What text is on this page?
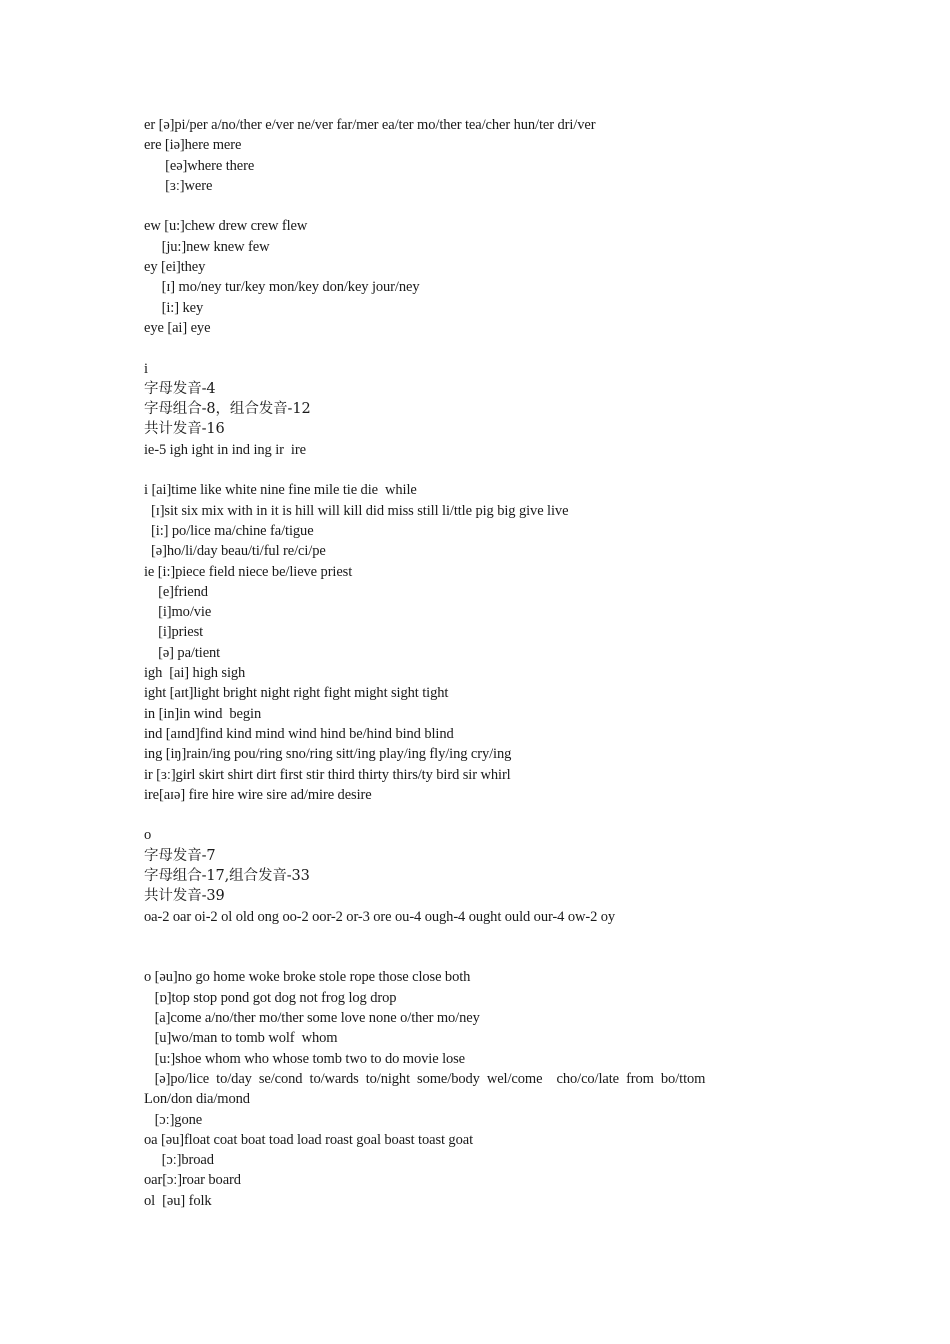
er [ə]pi/per a/no/ther e/ver ne/ver far/mer ea/ter mo/ther tea/cher hun/ter dri/ver
ere [iə]here mere
[eə]where there
[ɜː]were
ew [u:]chew drew crew flew
[ju:]new knew few
ey [ei]they
[ɪ] mo/ney tur/key mon/key don/key jour/ney
[i:] key
eye [ai] eye
i
字母发音-4
字母组合-8，组合发音-12
共计发音-16
ie-5 igh ight in ind ing ir  ire
i [ai]time like white nine fine mile tie die  while
[ɪ]sit six mix with in it is hill will kill did miss still li/ttle pig big give live
[i:] po/lice ma/chine fa/tigue
[ə]ho/li/day beau/ti/ful re/ci/pe
ie [i:]piece field niece be/lieve priest
[e]friend
[i]mo/vie
[i]priest
[ə] pa/tient
igh  [ai] high sigh
ight [aɪt]light bright night right fight might sight tight
in [in]in wind  begin
ind [aɪnd]find kind mind wind hind be/hind bind blind
ing [iŋ]rain/ing pou/ring sno/ring sitt/ing play/ing fly/ing cry/ing
ir [ɜː]girl skirt shirt dirt first stir third thirty thirs/ty bird sir whirl
ire[aɪə] fire hire wire sire ad/mire desire
o
字母发音-7
字母组合-17,组合发音-33
共计发音-39
oa-2 oar oi-2 ol old ong oo-2 oor-2 or-3 ore ou-4 ough-4 ought ould our-4 ow-2 oy
o [əu]no go home woke broke stole rope those close both
[ɒ]top stop pond got dog not frog log drop
[a]come a/no/ther mo/ther some love none o/ther mo/ney
[u]wo/man to tomb wolf  whom
[u:]shoe whom who whose tomb two to do movie lose
[ə]po/lice  to/day  se/cond  to/wards  to/night  some/body  wel/come    cho/co/late  from  bo/ttom
Lon/don dia/mond
[ɔː]gone
oa [əu]float coat boat toad load roast goal boast toast goat
[ɔː]broad
oar[ɔː]roar board
ol  [əu] folk
